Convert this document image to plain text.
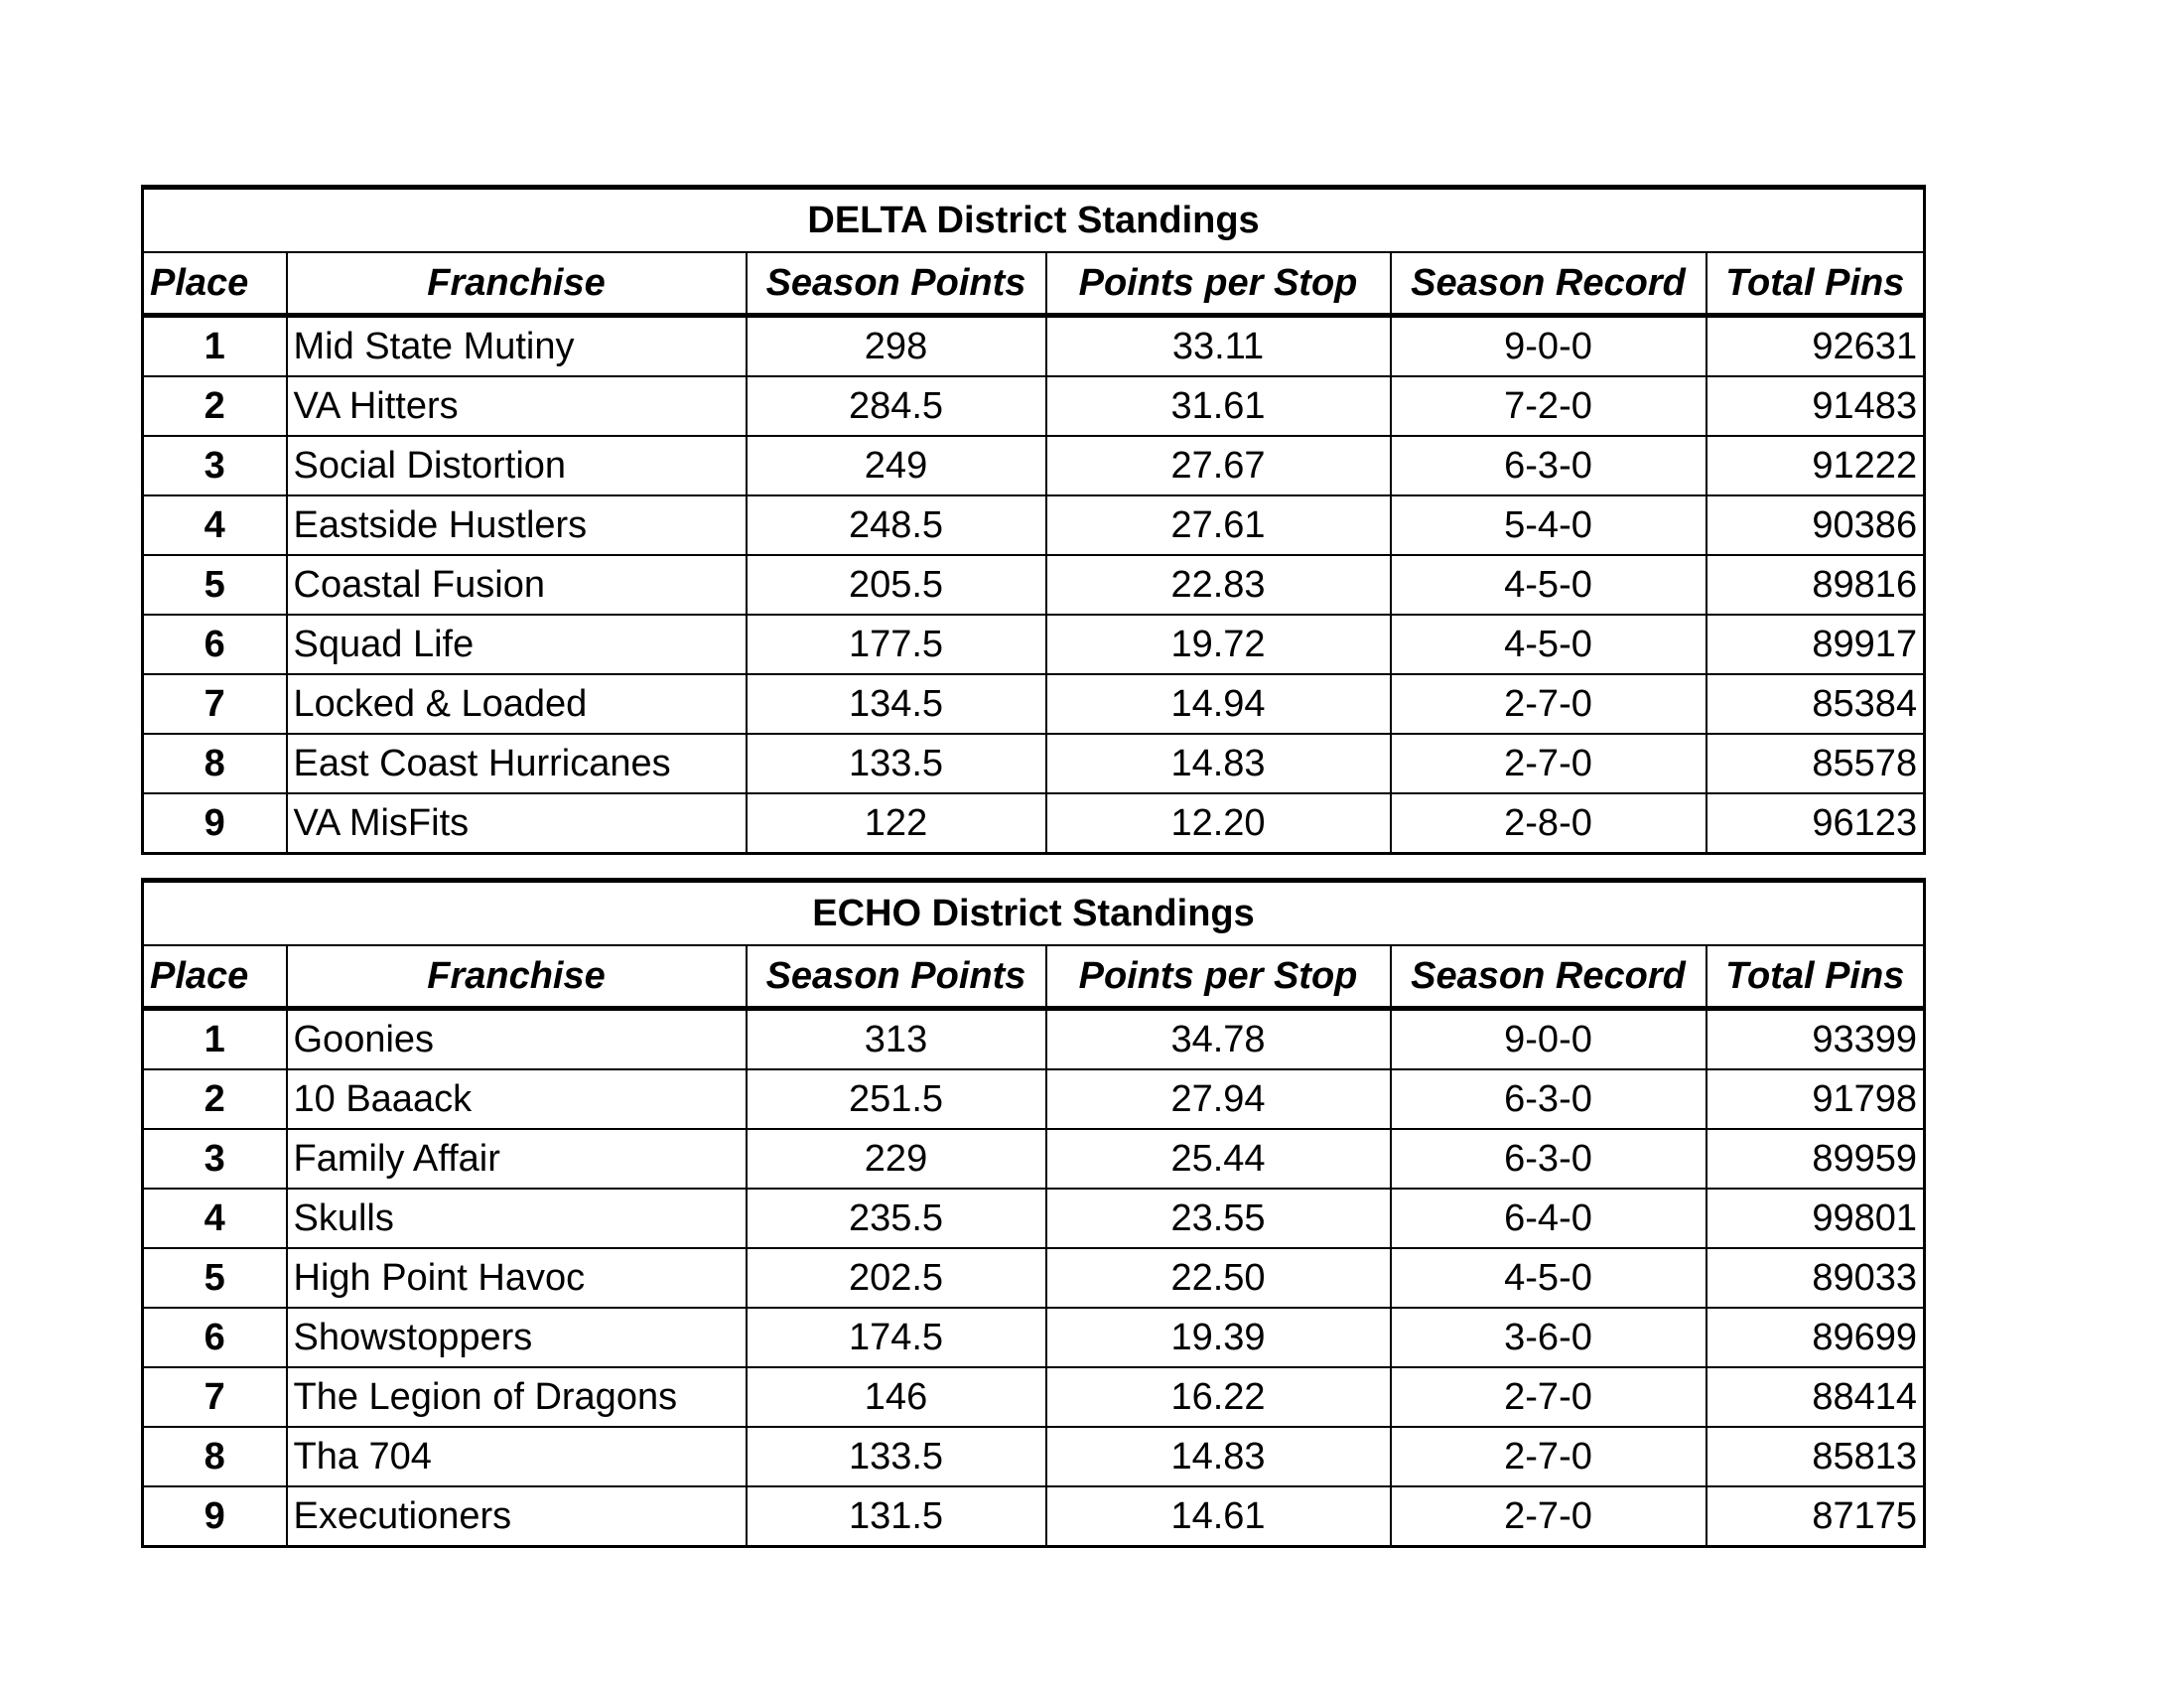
DELTA District Standings					
Place	Franchise	Season Points	Points per Stop	Season Record	Total Pins
1	Mid State Mutiny	298	33.11	9-0-0	92631
2	VA Hitters	284.5	31.61	7-2-0	91483
3	Social Distortion	249	27.67	6-3-0	91222
4	Eastside Hustlers	248.5	27.61	5-4-0	90386
5	Coastal Fusion	205.5	22.83	4-5-0	89816
6	Squad Life	177.5	19.72	4-5-0	89917
7	Locked & Loaded	134.5	14.94	2-7-0	85384
8	East Coast Hurricanes	133.5	14.83	2-7-0	85578
9	VA MisFits	122	12.20	2-8-0	96123
ECHO District Standings					
Place	Franchise	Season Points	Points per Stop	Season Record	Total Pins
1	Goonies	313	34.78	9-0-0	93399
2	10 Baaack	251.5	27.94	6-3-0	91798
3	Family Affair	229	25.44	6-3-0	89959
4	Skulls	235.5	23.55	6-4-0	99801
5	High Point Havoc	202.5	22.50	4-5-0	89033
6	Showstoppers	174.5	19.39	3-6-0	89699
7	The Legion of Dragons	146	16.22	2-7-0	88414
8	Tha 704	133.5	14.83	2-7-0	85813
9	Executioners	131.5	14.61	2-7-0	87175
